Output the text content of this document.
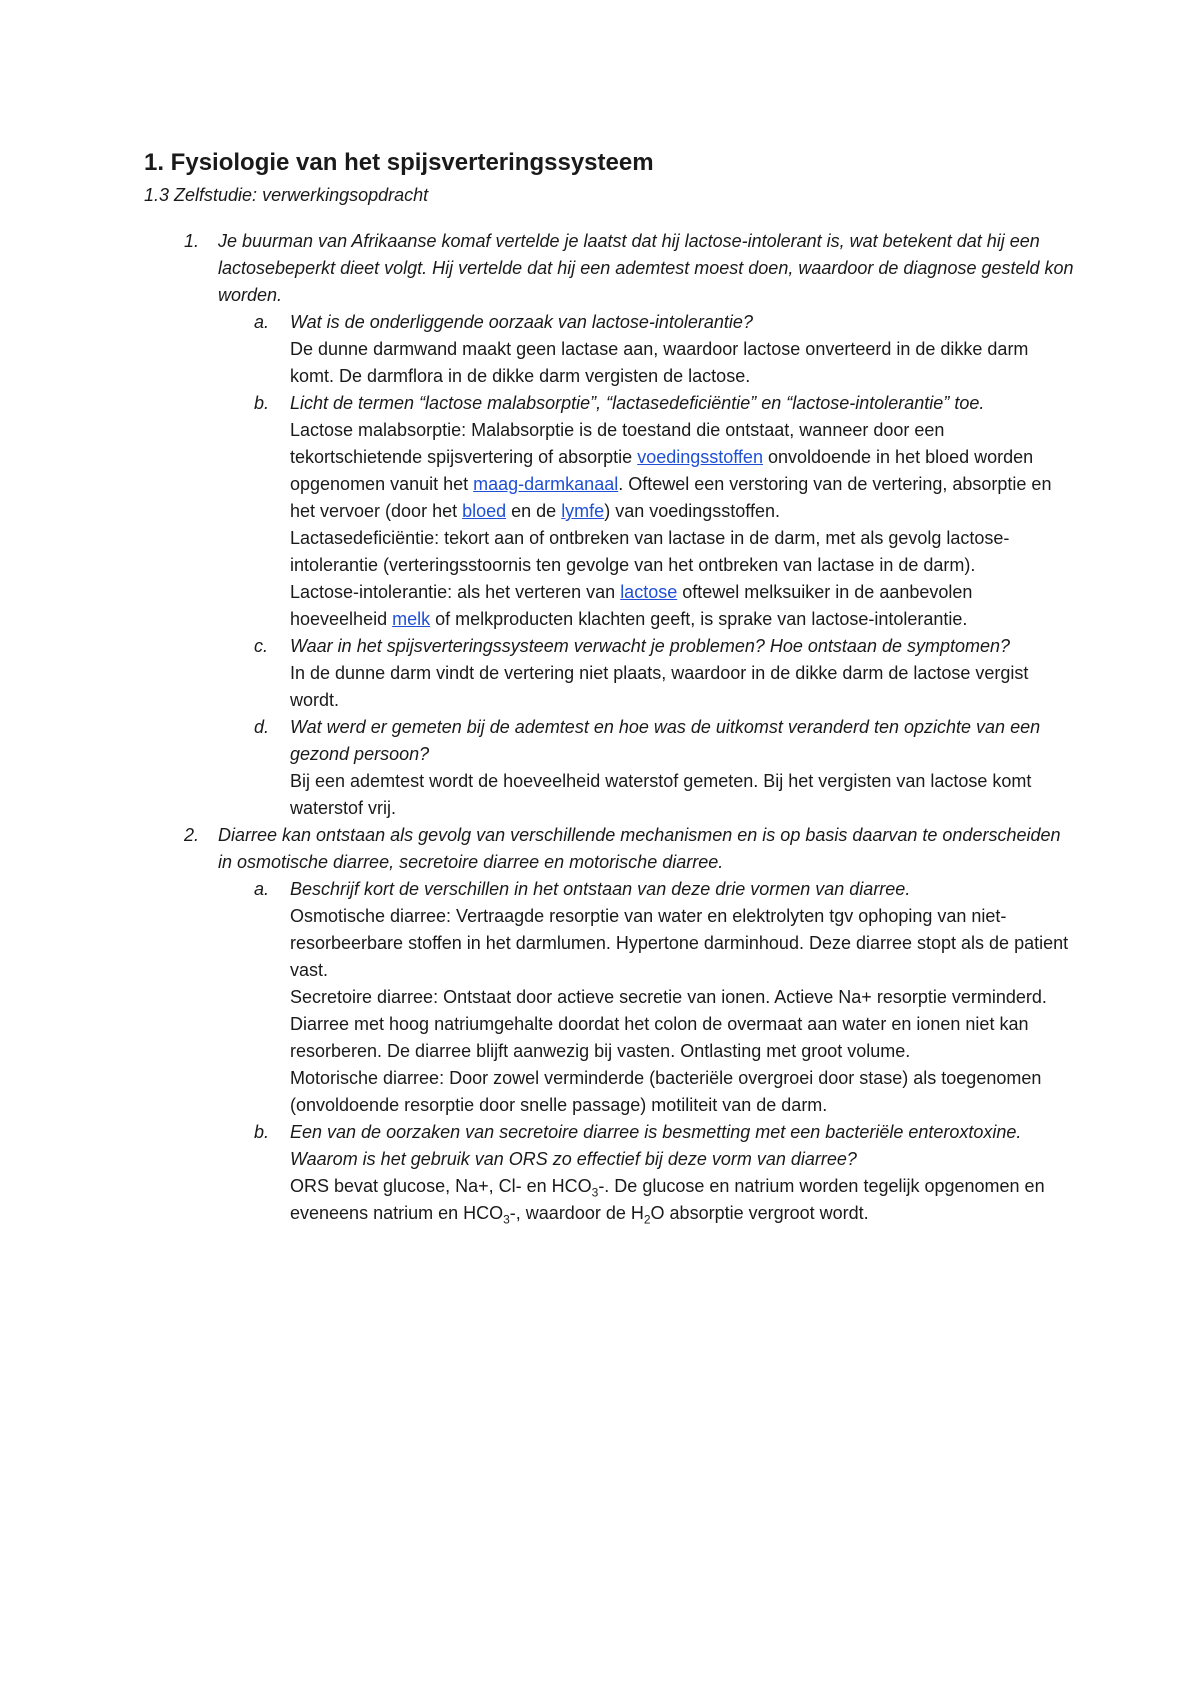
1. Fysiologie van het spijsverteringssysteem
1.3 Zelfstudie: verwerkingsopdracht
1. Je buurman van Afrikaanse komaf vertelde je laatst dat hij lactose-intolerant is, wat betekent dat hij een lactosebeperkt dieet volgt. Hij vertelde dat hij een ademtest moest doen, waardoor de diagnose gesteld kon worden.
a. Wat is de onderliggende oorzaak van lactose-intolerantie?
De dunne darmwand maakt geen lactase aan, waardoor lactose onverteerd in de dikke darm komt. De darmflora in de dikke darm vergisten de lactose.
b. Licht de termen “lactose malabsorptie”, “lactasedeficiëntie” en “lactose-intolerantie” toe.
Lactose malabsorptie: Malabsorptie is de toestand die ontstaat, wanneer door een tekortschietende spijsvertering of absorptie voedingsstoffen onvoldoende in het bloed worden opgenomen vanuit het maag-darmkanaal. Oftewel een verstoring van de vertering, absorptie en het vervoer (door het bloed en de lymfe) van voedingsstoffen.
Lactasedeficiëntie: tekort aan of ontbreken van lactase in de darm, met als gevolg lactose-intolerantie (verteringsstoornis ten gevolge van het ontbreken van lactase in de darm).
Lactose-intolerantie: als het verteren van lactose oftewel melksuiker in de aanbevolen hoeveelheid melk of melkproducten klachten geeft, is sprake van lactose-intolerantie.
c. Waar in het spijsverteringssysteem verwacht je problemen? Hoe ontstaan de symptomen?
In de dunne darm vindt de vertering niet plaats, waardoor in de dikke darm de lactose vergist wordt.
d. Wat werd er gemeten bij de ademtest en hoe was de uitkomst veranderd ten opzichte van een gezond persoon?
Bij een ademtest wordt de hoeveelheid waterstof gemeten. Bij het vergisten van lactose komt waterstof vrij.
2. Diarree kan ontstaan als gevolg van verschillende mechanismen en is op basis daarvan te onderscheiden in osmotische diarree, secretoire diarree en motorische diarree.
a. Beschrijf kort de verschillen in het ontstaan van deze drie vormen van diarree.
Osmotische diarree: Vertraagde resorptie van water en elektrolyten tgv ophoping van niet-resorbeerbare stoffen in het darmlumen. Hypertone darminhoud. Deze diarree stopt als de patient vast.
Secretoire diarree: Ontstaat door actieve secretie van ionen. Actieve Na+ resorptie verminderd. Diarree met hoog natriumgehalte doordat het colon de overmaat aan water en ionen niet kan resorberen. De diarree blijft aanwezig bij vasten. Ontlasting met groot volume.
Motorische diarree: Door zowel verminderde (bacteriële overgroei door stase) als toegenomen (onvoldoende resorptie door snelle passage) motiliteit van de darm.
b. Een van de oorzaken van secretoire diarree is besmetting met een bacteriële enteroxtoxine. Waarom is het gebruik van ORS zo effectief bij deze vorm van diarree?
ORS bevat glucose, Na+, Cl- en $HCO_3-$. De glucose en natrium worden tegelijk opgenomen en eveneens natrium en $HCO_3-$, waardoor de $H_2O$ absorptie vergroot wordt.
